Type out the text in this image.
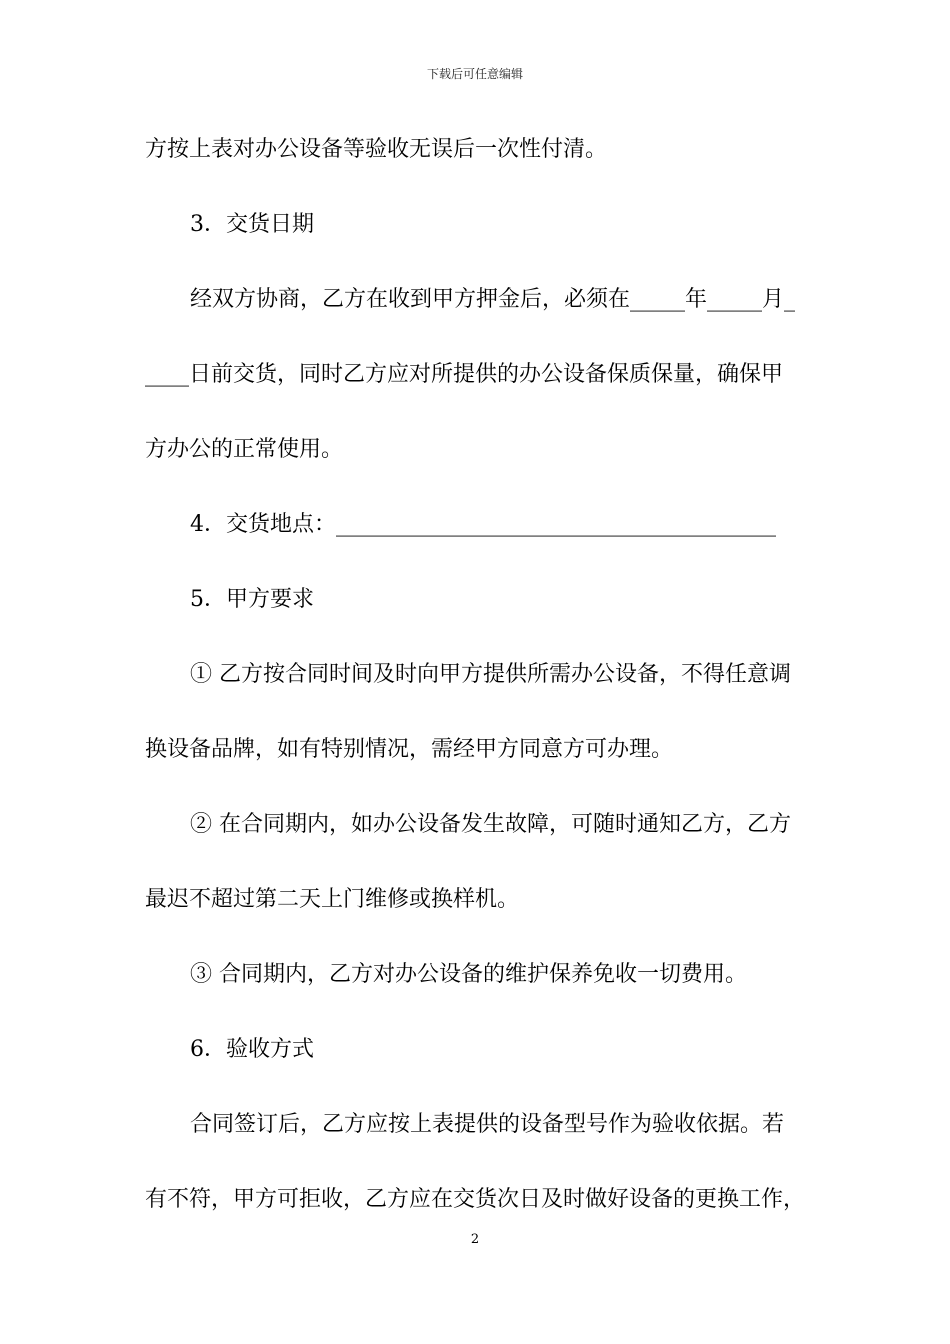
下载后可任意编辑
方按上表对办公设备等验收无误后一次性付清。
3．交货日期
经双方协商，乙方在收到甲方押金后，必须在_____年_____月_
____日前交货，同时乙方应对所提供的办公设备保质保量，确保甲
方办公的正常使用。
4．交货地点：________________________________________
5．甲方要求
① 乙方按合同时间及时向甲方提供所需办公设备，不得任意调
换设备品牌，如有特别情况，需经甲方同意方可办理。
② 在合同期内，如办公设备发生故障，可随时通知乙方，乙方
最迟不超过第二天上门维修或换样机。
③ 合同期内，乙方对办公设备的维护保养免收一切费用。
6．验收方式
合同签订后，乙方应按上表提供的设备型号作为验收依据。若
有不符，甲方可拒收，乙方应在交货次日及时做好设备的更换工作，
2
